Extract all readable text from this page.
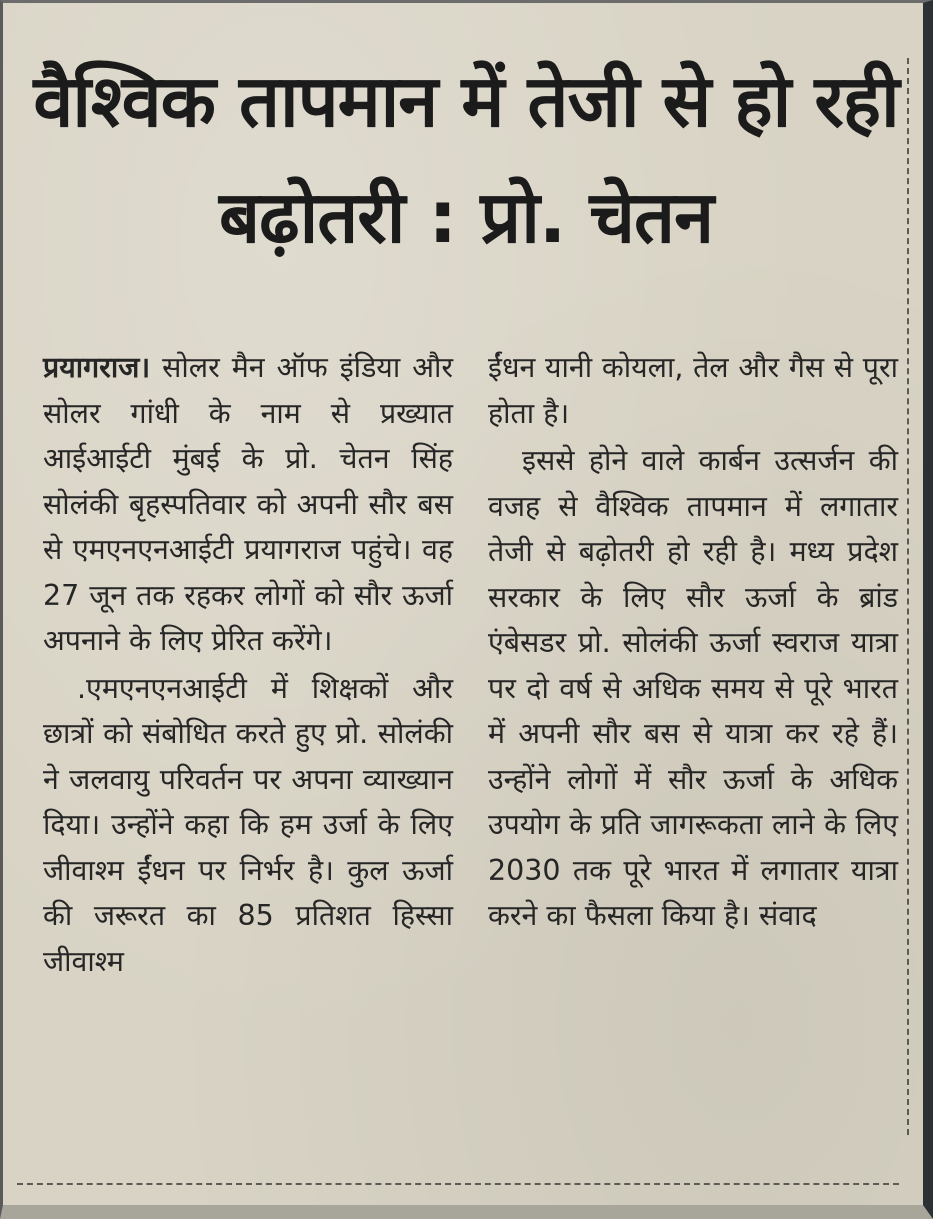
वैश्विक तापमान में तेजी से हो रही बढ़ोतरी : प्रो. चेतन

प्रयागराज। सोलर मैन ऑफ इंडिया और सोलर गांधी के नाम से प्रख्यात आईआईटी मुंबई के प्रो. चेतन सिंह सोलंकी बृहस्पतिवार को अपनी सौर बस से एमएनएनआईटी प्रयागराज पहुंचे। वह 27 जून तक रहकर लोगों को सौर ऊर्जा अपनाने के लिए प्रेरित करेंगे।

.एमएनएनआईटी में शिक्षकों और छात्रों को संबोधित करते हुए प्रो. सोलंकी ने जलवायु परिवर्तन पर अपना व्याख्यान दिया। उन्होंने कहा कि हम उर्जा के लिए जीवाश्म ईंधन पर निर्भर है। कुल ऊर्जा की जरूरत का 85 प्रतिशत हिस्सा जीवाश्म

ईंधन यानी कोयला, तेल और गैस से पूरा होता है।

इससे होने वाले कार्बन उत्सर्जन की वजह से वैश्विक तापमान में लगातार तेजी से बढ़ोतरी हो रही है। मध्य प्रदेश सरकार के लिए सौर ऊर्जा के ब्रांड एंबेसडर प्रो. सोलंकी ऊर्जा स्वराज यात्रा पर दो वर्ष से अधिक समय से पूरे भारत में अपनी सौर बस से यात्रा कर रहे हैं। उन्होंने लोगों में सौर ऊर्जा के अधिक उपयोग के प्रति जागरूकता लाने के लिए 2030 तक पूरे भारत में लगातार यात्रा करने का फैसला किया है। संवाद
